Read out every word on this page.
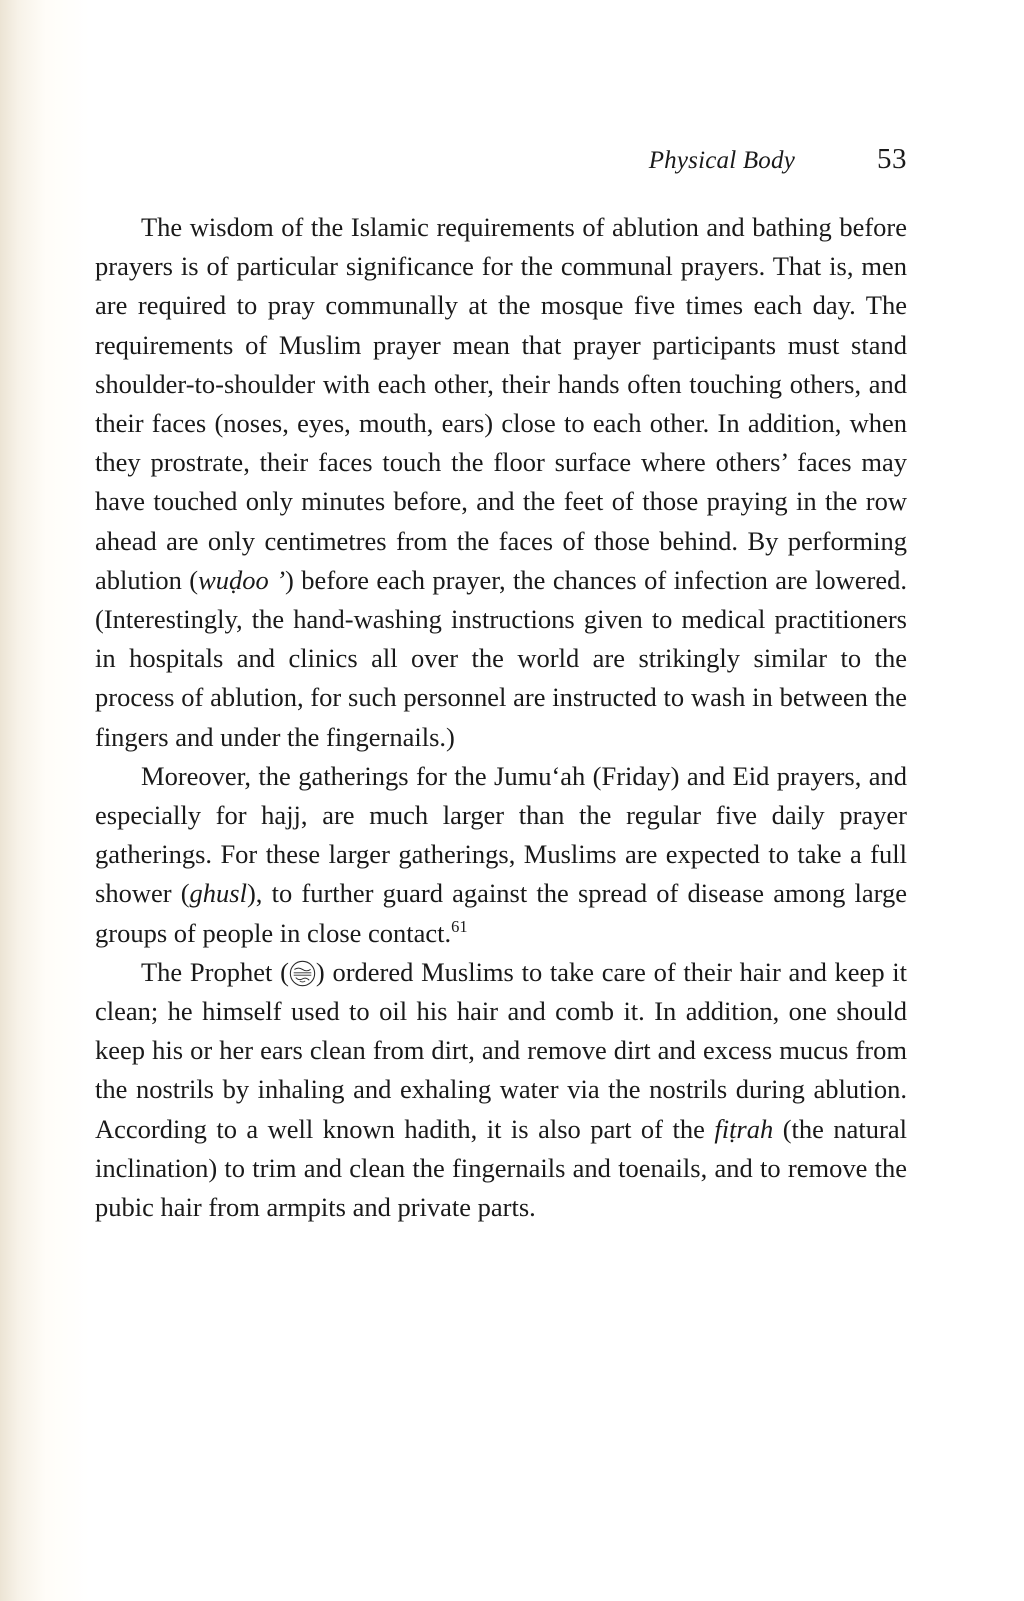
Physical Body	53

The wisdom of the Islamic requirements of ablution and bathing before prayers is of particular significance for the communal prayers. That is, men are required to pray communally at the mosque five times each day. The requirements of Muslim prayer mean that prayer participants must stand shoulder-to-shoulder with each other, their hands often touching others, and their faces (noses, eyes, mouth, ears) close to each other. In addition, when they prostrate, their faces touch the floor surface where others’ faces may have touched only minutes before, and the feet of those praying in the row ahead are only centimetres from the faces of those behind. By performing ablution (wuḍoo ’) before each prayer, the chances of infection are lowered. (Interestingly, the hand-washing instructions given to medical practitioners in hospitals and clinics all over the world are strikingly similar to the process of ablution, for such personnel are instructed to wash in between the fingers and under the fingernails.)

Moreover, the gatherings for the Jumu‘ah (Friday) and Eid prayers, and especially for hajj, are much larger than the regular five daily prayer gatherings. For these larger gatherings, Muslims are expected to take a full shower (ghusl), to further guard against the spread of disease among large groups of people in close contact.$^{61}$

The Prophet ( ) ordered Muslims to take care of their hair and keep it clean; he himself used to oil his hair and comb it. In addition, one should keep his or her ears clean from dirt, and remove dirt and excess mucus from the nostrils by inhaling and exhaling water via the nostrils during ablution. According to a well known hadith, it is also part of the fiṭrah (the natural inclination) to trim and clean the fingernails and toenails, and to remove the pubic hair from armpits and private parts.
